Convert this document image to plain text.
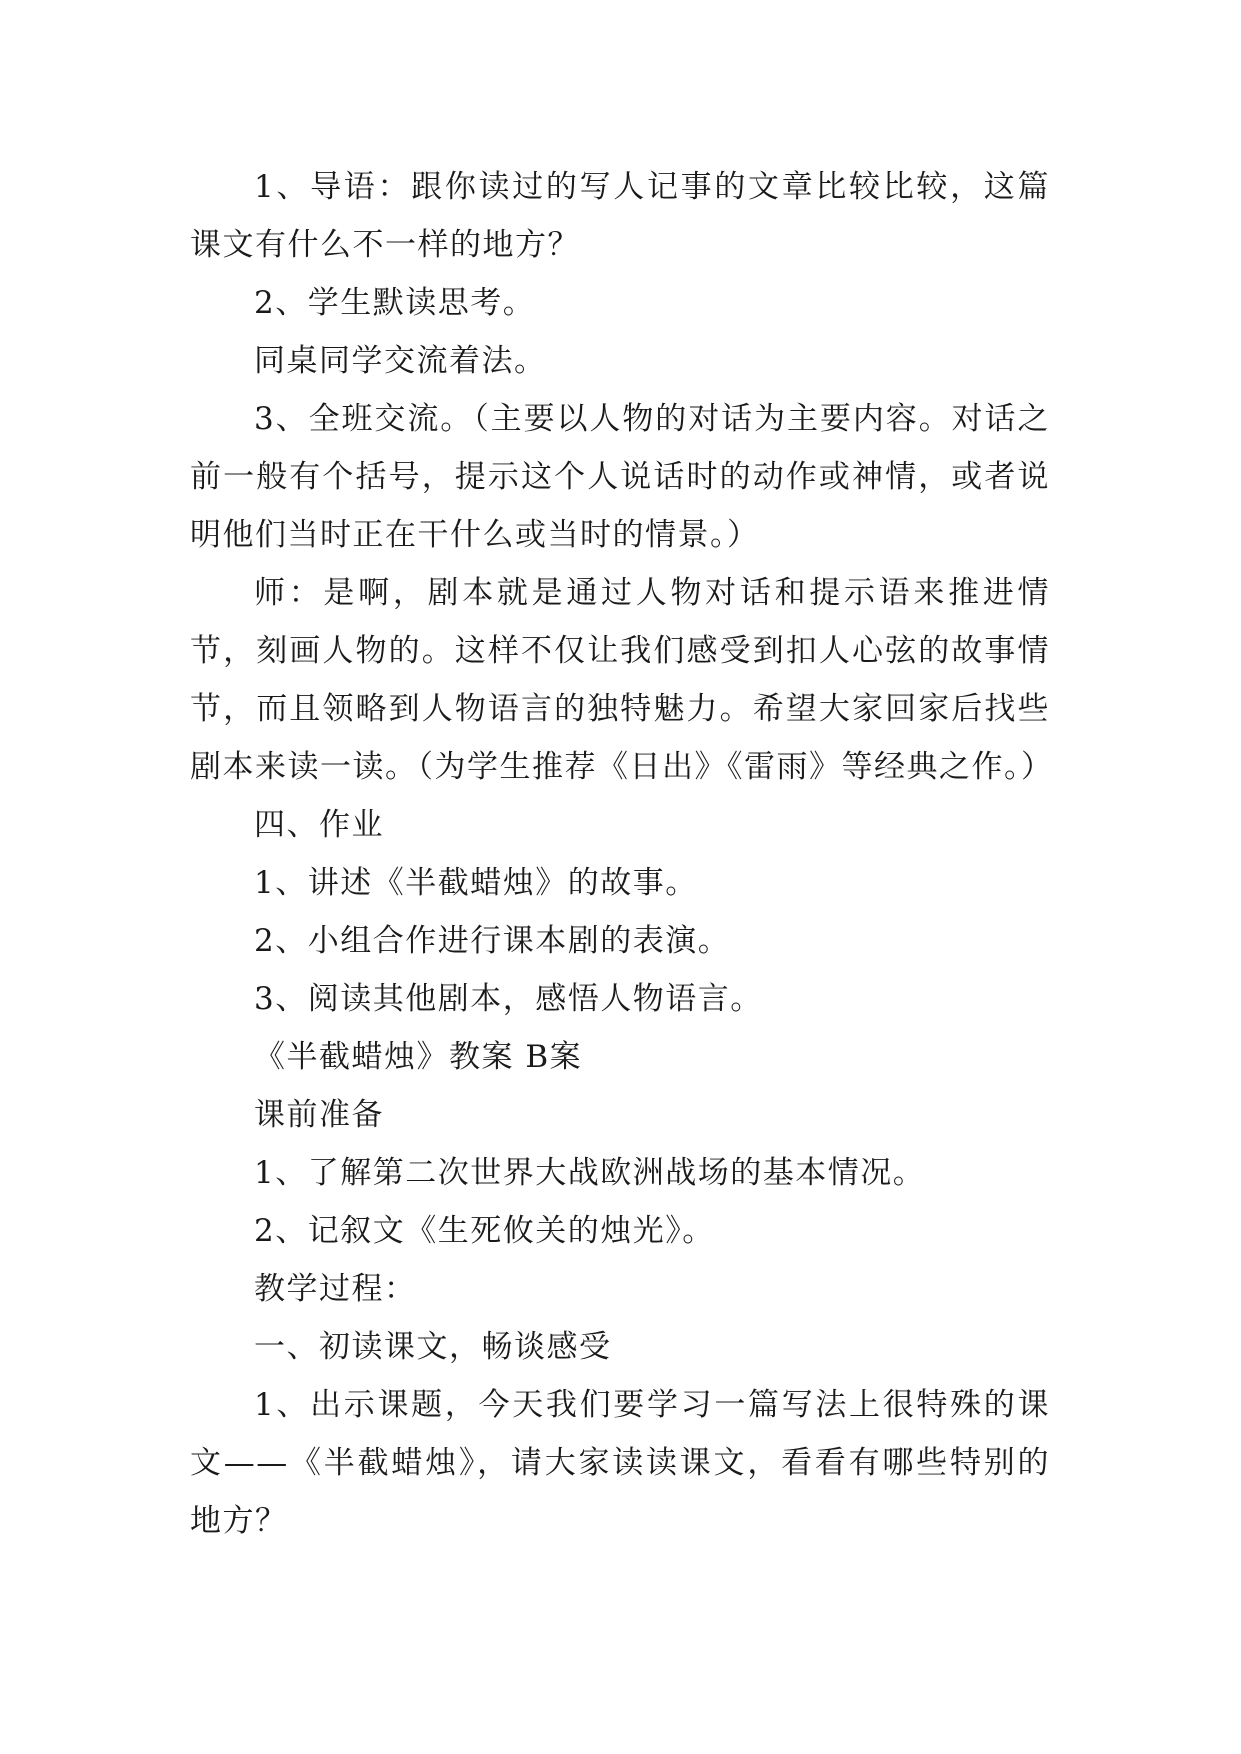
1、导语：跟你读过的写人记事的文章比较比较，这篇课文有什么不一样的地方？

2、学生默读思考。

同桌同学交流着法。

3、全班交流。（主要以人物的对话为主要内容。对话之前一般有个括号，提示这个人说话时的动作或神情，或者说明他们当时正在干什么或当时的情景。）

师：是啊，剧本就是通过人物对话和提示语来推进情节，刻画人物的。这样不仅让我们感受到扣人心弦的故事情节，而且领略到人物语言的独特魅力。希望大家回家后找些剧本来读一读。（为学生推荐《日出》《雷雨》等经典之作。）

四、作业

1、讲述《半截蜡烛》的故事。

2、小组合作进行课本剧的表演。

3、阅读其他剧本，感悟人物语言。

《半截蜡烛》教案 B案

课前准备

1、了解第二次世界大战欧洲战场的基本情况。

2、记叙文《生死攸关的烛光》。

教学过程：

一、初读课文，畅谈感受

1、出示课题，今天我们要学习一篇写法上很特殊的课文——《半截蜡烛》，请大家读读课文，看看有哪些特别的地方？
